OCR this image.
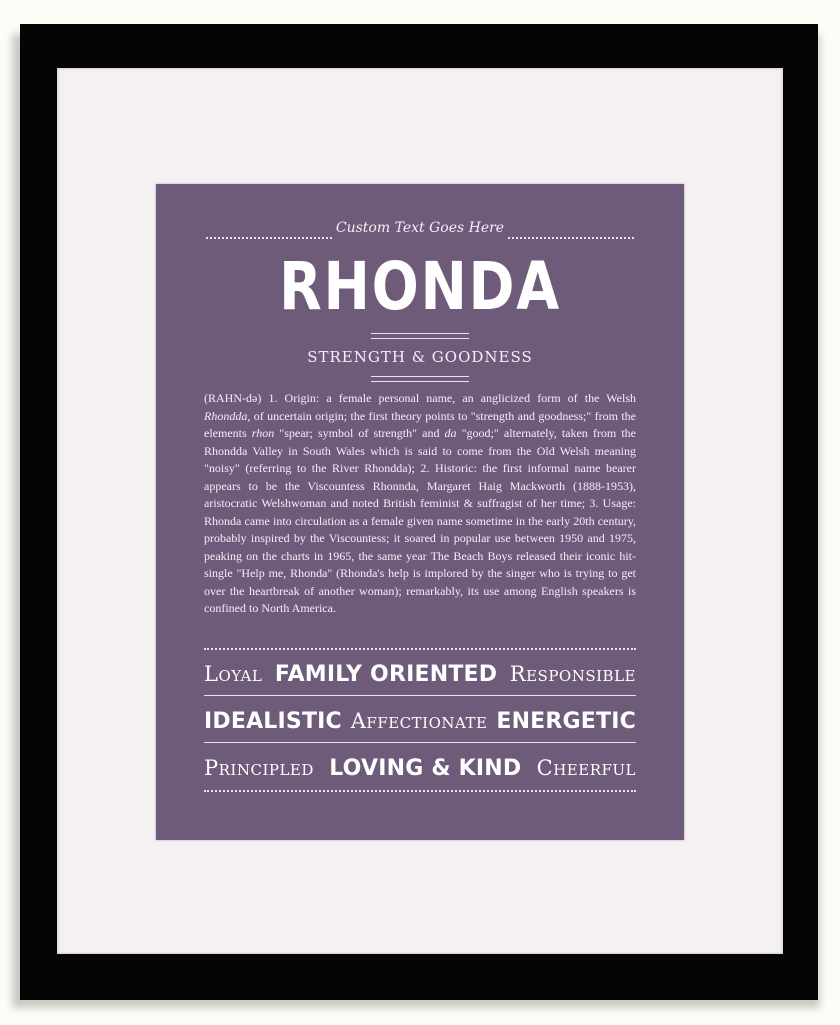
Custom Text Goes Here
RHONDA
STRENGTH & GOODNESS
(RAHN-də) 1. Origin: a female personal name, an anglicized form of the Welsh Rhondda, of uncertain origin; the first theory points to "strength and goodness;" from the elements rhon "spear; symbol of strength" and da "good;" alternately, taken from the Rhondda Valley in South Wales which is said to come from the Old Welsh meaning "noisy" (referring to the River Rhondda); 2. Historic: the first informal name bearer appears to be the Viscountess Rhonnda, Margaret Haig Mackworth (1888-1953), aristocratic Welshwoman and noted British feminist & suffragist of her time; 3. Usage: Rhonda came into circulation as a female given name sometime in the early 20th century, probably inspired by the Viscountess; it soared in popular use between 1950 and 1975, peaking on the charts in 1965, the same year The Beach Boys released their iconic hit-single "Help me, Rhonda" (Rhonda's help is implored by the singer who is trying to get over the heartbreak of another woman); remarkably, its use among English speakers is confined to North America.
Loyal FAMILY ORIENTED Responsible
IDEALISTIC Affectionate ENERGETIC
Principled LOVING & KIND Cheerful
